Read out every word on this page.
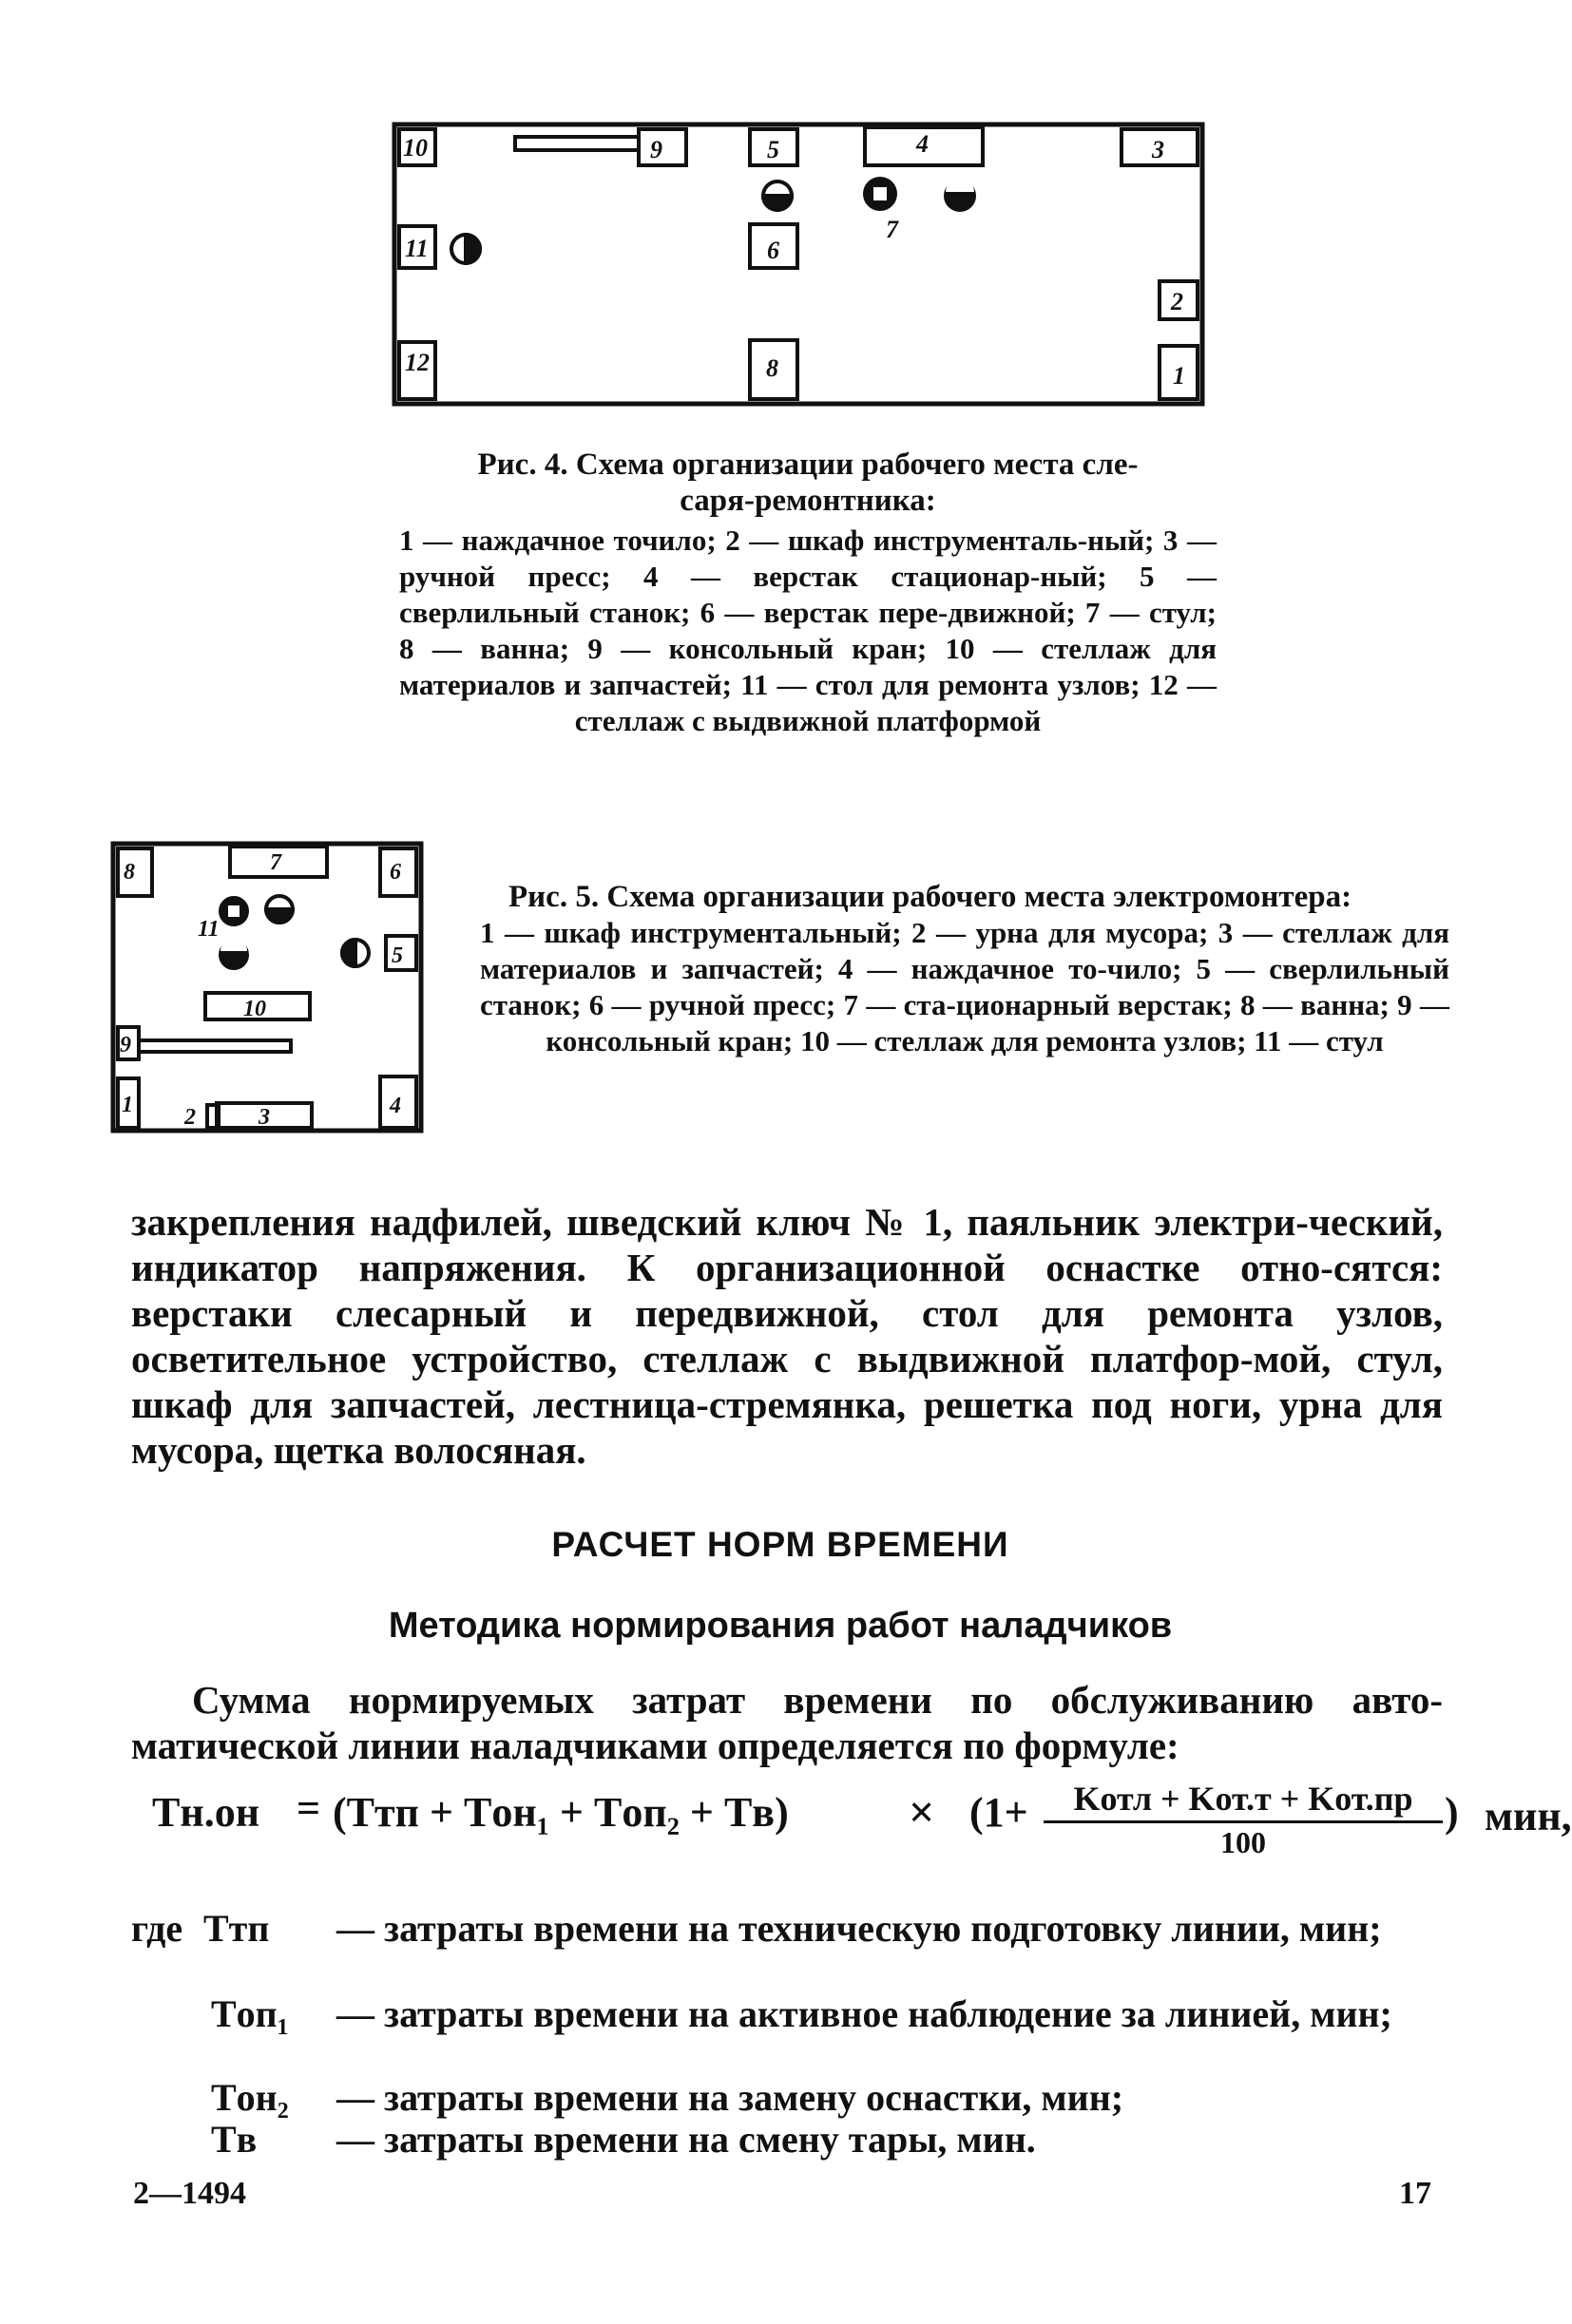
10	9	5	4	3
11	6
7
2
12	8	1
Рис. 4. Схема организации рабочего места сле-
саря-ремонтника:
1 — наждачное точило; 2 — шкаф инструменталь-ный; 3 — ручной пресс; 4 — верстак стационар-ный; 5 — сверлильный станок; 6 — верстак пере-движной; 7 — стул; 8 — ванна; 9 — консольный кран; 10 — стеллаж для материалов и запчастей; 11 — стол для ремонта узлов; 12 — стеллаж с выдвижной платформой
8	7	6
5
11
10
9
1 2	3	4
Рис. 5. Схема организации рабочего места электромонтера:
1 — шкаф инструментальный; 2 — урна для мусора; 3 — стеллаж для материалов и запчастей; 4 — наждачное то-чило; 5 — сверлильный станок; 6 — ручной пресс; 7 — ста-ционарный верстак; 8 — ванна; 9 — консольный кран; 10 — стеллаж для ремонта узлов; 11 — стул
закрепления надфилей, шведский ключ № 1, паяльник электри-ческий, индикатор напряжения. К организационной оснастке отно-сятся: верстаки слесарный и передвижной, стол для ремонта узлов, осветительное устройство, стеллаж с выдвижной платфор-мой, стул, шкаф для запчастей, лестница-стремянка, решетка под ноги, урна для мусора, щетка волосяная.
РАСЧЕТ НОРМ ВРЕМЕНИ
Методика нормирования работ наладчиков
Сумма нормируемых затрат времени по обслуживанию авто-матической линии наладчиками определяется по формуле:
Tн.он = (Tтп + Tон₁ + Tоп₂ + Tв)	× (1+	Kотл + Kот.т + Kот.пр
100
) мин,
где Tтп — затраты времени на техническую подготовку линии, мин;
Tоп₁ — затраты времени на активное наблюдение за линией, мин;
Tон₂ — затраты времени на замену оснастки, мин;
Tв — затраты времени на смену тары, мин.
2—1494	17
